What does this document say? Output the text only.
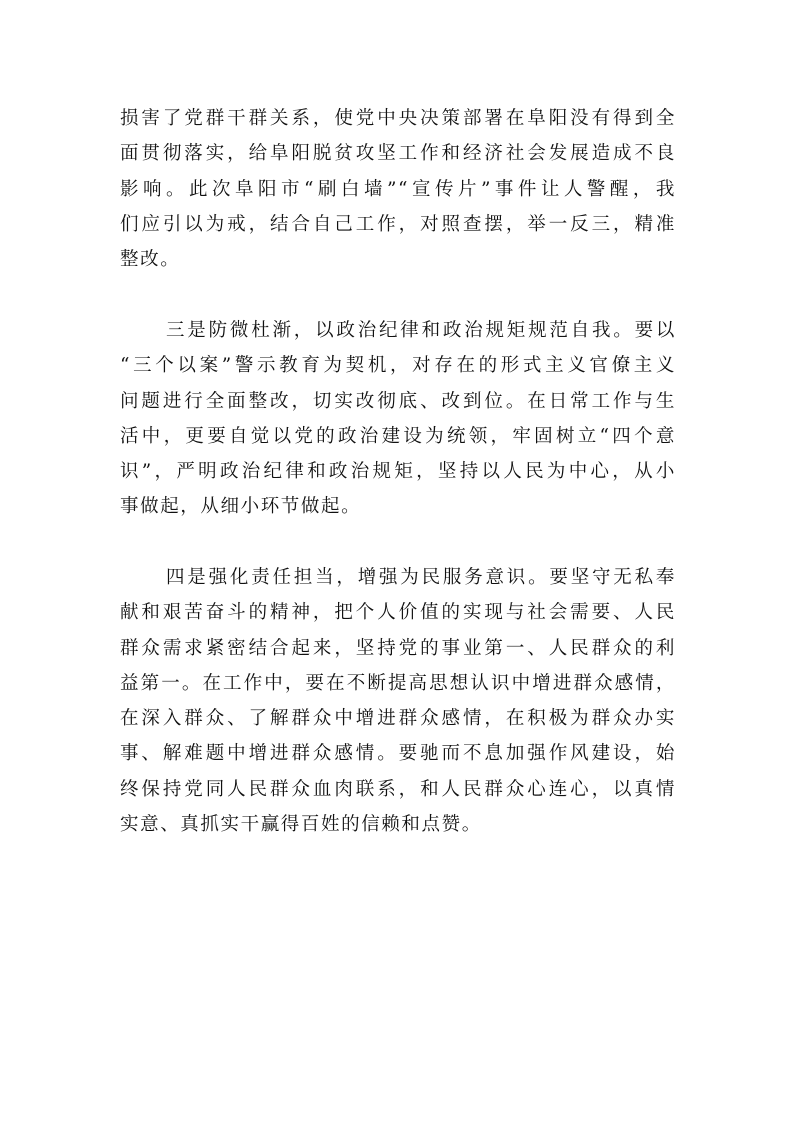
损害了党群干群关系，使党中央决策部署在阜阳没有得到全
面贯彻落实，给阜阳脱贫攻坚工作和经济社会发展造成不良
影响。此次阜阳市“刷白墙”“宣传片”事件让人警醒，我
们应引以为戒，结合自己工作，对照查摆，举一反三，精准
整改。
三是防微杜渐，以政治纪律和政治规矩规范自我。要以
“三个以案”警示教育为契机，对存在的形式主义官僚主义
问题进行全面整改，切实改彻底、改到位。在日常工作与生
活中，更要自觉以党的政治建设为统领，牢固树立“四个意
识”，严明政治纪律和政治规矩，坚持以人民为中心，从小
事做起，从细小环节做起。
四是强化责任担当，增强为民服务意识。要坚守无私奉
献和艰苦奋斗的精神，把个人价值的实现与社会需要、人民
群众需求紧密结合起来，坚持党的事业第一、人民群众的利
益第一。在工作中，要在不断提高思想认识中增进群众感情，
在深入群众、了解群众中增进群众感情，在积极为群众办实
事、解难题中增进群众感情。要驰而不息加强作风建设，始
终保持党同人民群众血肉联系，和人民群众心连心，以真情
实意、真抓实干赢得百姓的信赖和点赞。
